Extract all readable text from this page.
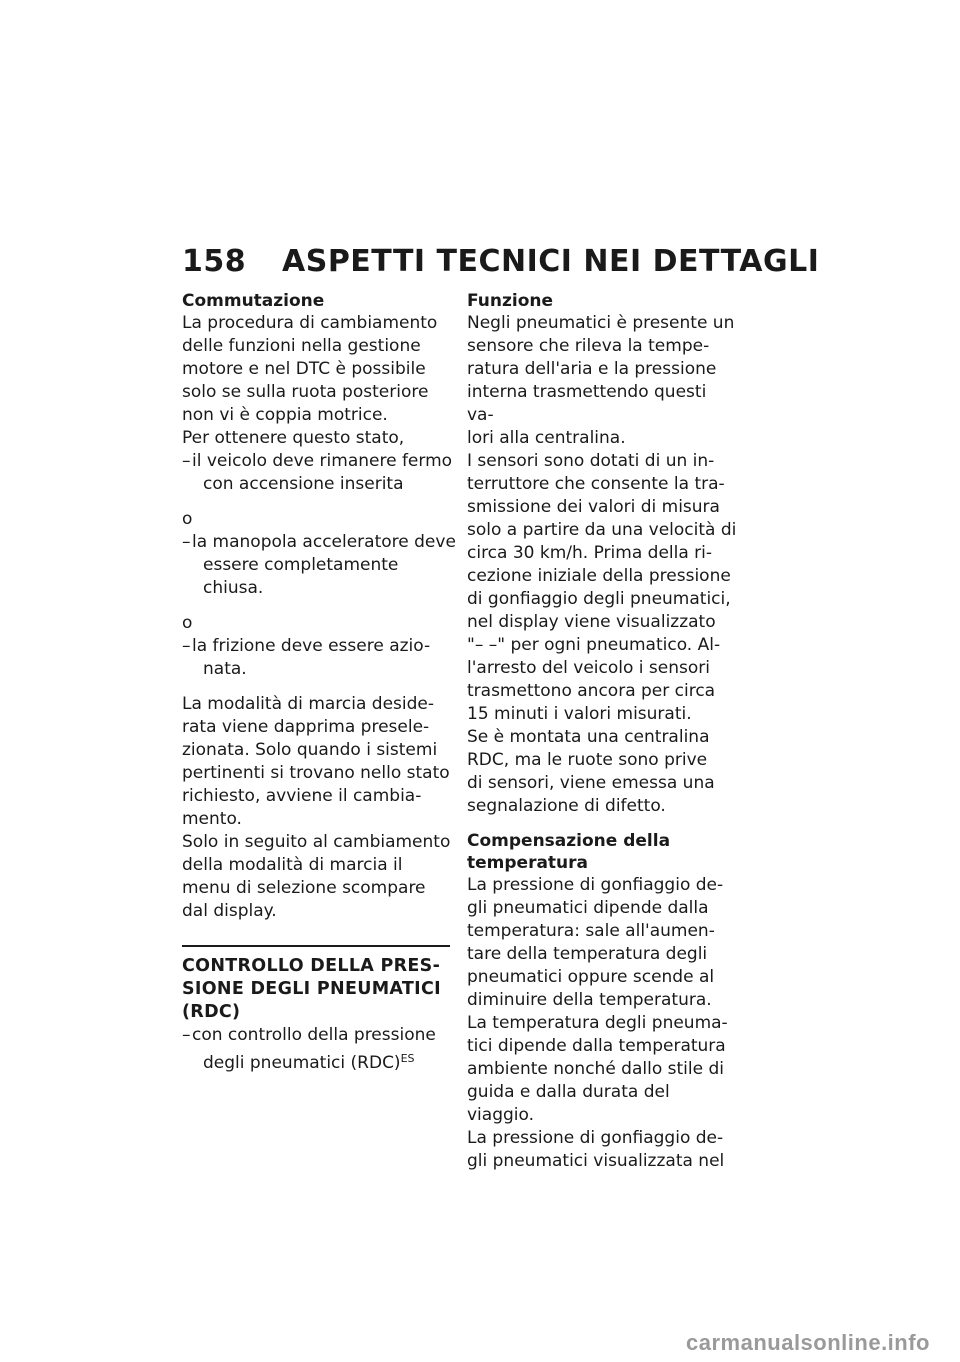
158 ASPETTI TECNICI NEI DETTAGLI
Commutazione

La procedura di cambiamento
delle funzioni nella gestione
motore e nel DTC è possibile
solo se sulla ruota posteriore
non vi è coppia motrice.

Per ottenere questo stato,

– il veicolo deve rimanere fermo
con accensione inserita

o

– la manopola acceleratore deve
essere completamente chiusa.

o

– la frizione deve essere azio-
nata.

La modalità di marcia deside-
rata viene dapprima presele-
zionata. Solo quando i sistemi
pertinenti si trovano nello stato
richiesto, avviene il cambia-
mento.

Solo in seguito al cambiamento
della modalità di marcia il
menu di selezione scompare
dal display.

CONTROLLO DELLA PRES-
SIONE DEGLI PNEUMATICI
(RDC)
– con controllo della pressione
degli pneumatici (RDC)$^{ES}$
Funzione

Negli pneumatici è presente un
sensore che rileva la tempe-
ratura dell'aria e la pressione
interna trasmettendo questi va-
lori alla centralina.

I sensori sono dotati di un in-
terruttore che consente la tra-
smissione dei valori di misura
solo a partire da una velocità di
circa 30 km/h. Prima della ri-
cezione iniziale della pressione
di gonfiaggio degli pneumatici,
nel display viene visualizzato
"– –" per ogni pneumatico. Al-
l'arresto del veicolo i sensori
trasmettono ancora per circa
15 minuti i valori misurati.

Se è montata una centralina
RDC, ma le ruote sono prive
di sensori, viene emessa una
segnalazione di difetto.

Compensazione della
temperatura

La pressione di gonfiaggio de-
gli pneumatici dipende dalla
temperatura: sale all'aumen-
tare della temperatura degli
pneumatici oppure scende al
diminuire della temperatura.

La temperatura degli pneuma-
tici dipende dalla temperatura
ambiente nonché dallo stile di
guida e dalla durata del viaggio.

La pressione di gonfiaggio de-
gli pneumatici visualizzata nel

carmanualsonline.info
